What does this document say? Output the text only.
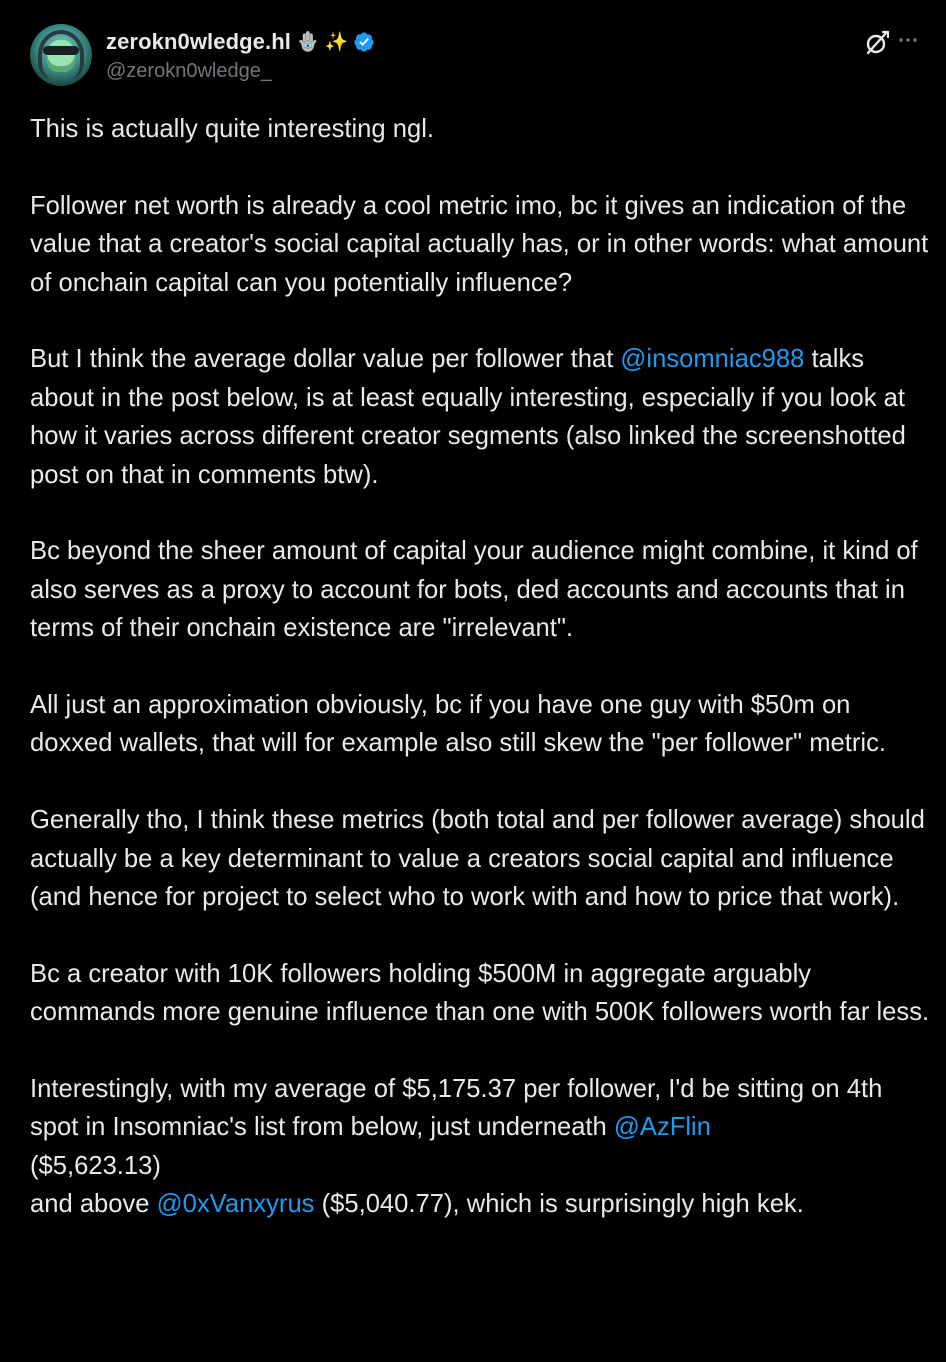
zerokn0wledge.hl 🪬 ✨
@zerokn0wledge_

This is actually quite interesting ngl.

Follower net worth is already a cool metric imo, bc it gives an indication of the value that a creator's social capital actually has, or in other words: what amount of onchain capital can you potentially influence?

But I think the average dollar value per follower that @insomniac988 talks about in the post below, is at least equally interesting, especially if you look at how it varies across different creator segments (also linked the screenshotted post on that in comments btw).

Bc beyond the sheer amount of capital your audience might combine, it kind of also serves as a proxy to account for bots, ded accounts and accounts that in terms of their onchain existence are "irrelevant".

All just an approximation obviously, bc if you have one guy with $50m on doxxed wallets, that will for example also still skew the "per follower" metric.

Generally tho, I think these metrics (both total and per follower average) should actually be a key determinant to value a creators social capital and influence (and hence for project to select who to work with and how to price that work).

Bc a creator with 10K followers holding $500M in aggregate arguably commands more genuine influence than one with 500K followers worth far less.

Interestingly, with my average of $5,175.37 per follower, I'd be sitting on 4th spot in Insomniac's list from below, just underneath @AzFlin
($5,623.13)
and above @0xVanxyrus ($5,040.77), which is surprisingly high kek.
